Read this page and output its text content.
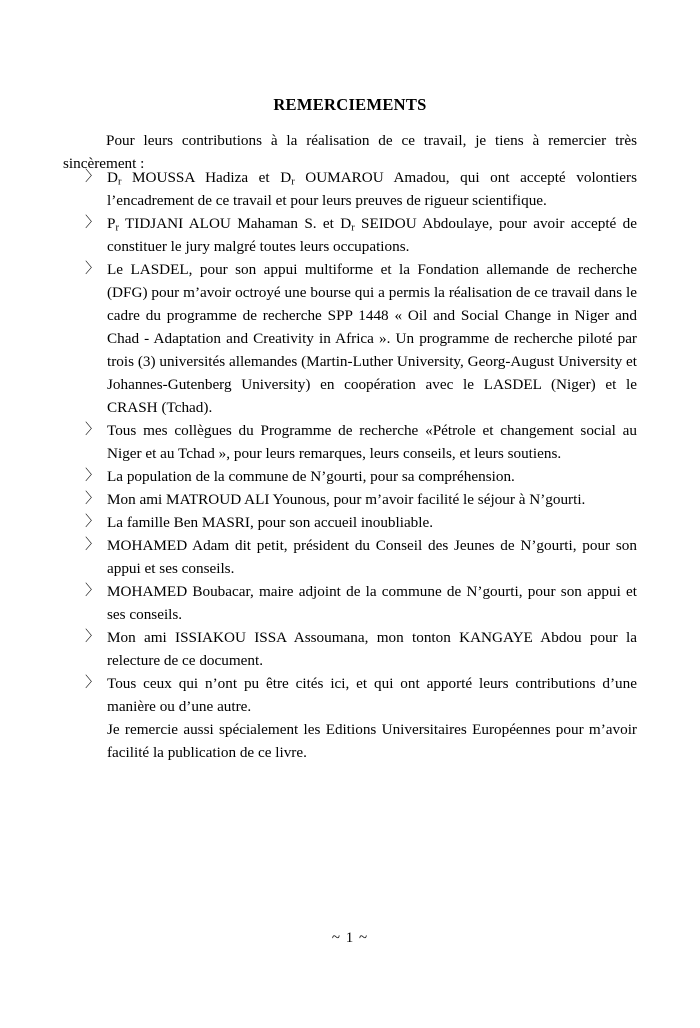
REMERCIEMENTS

Pour leurs contributions à la réalisation de ce travail, je tiens à remercier très sincèrement :

〉 $D_r$ MOUSSA Hadiza et $D_r$ OUMAROU Amadou, qui ont accepté volontiers l’encadrement de ce travail et pour leurs preuves de rigueur scientifique.
〉 $P_r$ TIDJANI ALOU Mahaman S. et $D_r$ SEIDOU Abdoulaye, pour avoir accepté de constituer le jury malgré toutes leurs occupations.
〉 Le LASDEL, pour son appui multiforme et la Fondation allemande de recherche (DFG) pour m’avoir octroyé une bourse qui a permis la réalisation de ce travail dans le cadre du programme de recherche SPP 1448 « Oil and Social Change in Niger and Chad - Adaptation and Creativity in Africa ». Un programme de recherche piloté par trois (3) universités allemandes (Martin-Luther University, Georg-August University et Johannes-Gutenberg University) en coopération avec le LASDEL (Niger) et le CRASH (Tchad).
〉 Tous mes collègues du Programme de recherche «Pétrole et changement social au Niger et au Tchad », pour leurs remarques, leurs conseils, et leurs soutiens.
〉 La population de la commune de N’gourti, pour sa compréhension.
〉 Mon ami MATROUD ALI Younous, pour m’avoir facilité le séjour à N’gourti.
〉 La famille Ben MASRI, pour son accueil inoubliable.
〉 MOHAMED Adam dit petit, président du Conseil des Jeunes de N’gourti, pour son appui et ses conseils.
〉 MOHAMED Boubacar, maire adjoint de la commune de N’gourti, pour son appui et ses conseils.
〉 Mon ami ISSIAKOU ISSA Assoumana, mon tonton KANGAYE Abdou pour la relecture de ce document.
〉 Tous ceux qui n’ont pu être cités ici, et qui ont apporté leurs contributions d’une manière ou d’une autre.
Je remercie aussi spécialement les Editions Universitaires Européennes pour m’avoir facilité la publication de ce livre.
~ 1 ~
